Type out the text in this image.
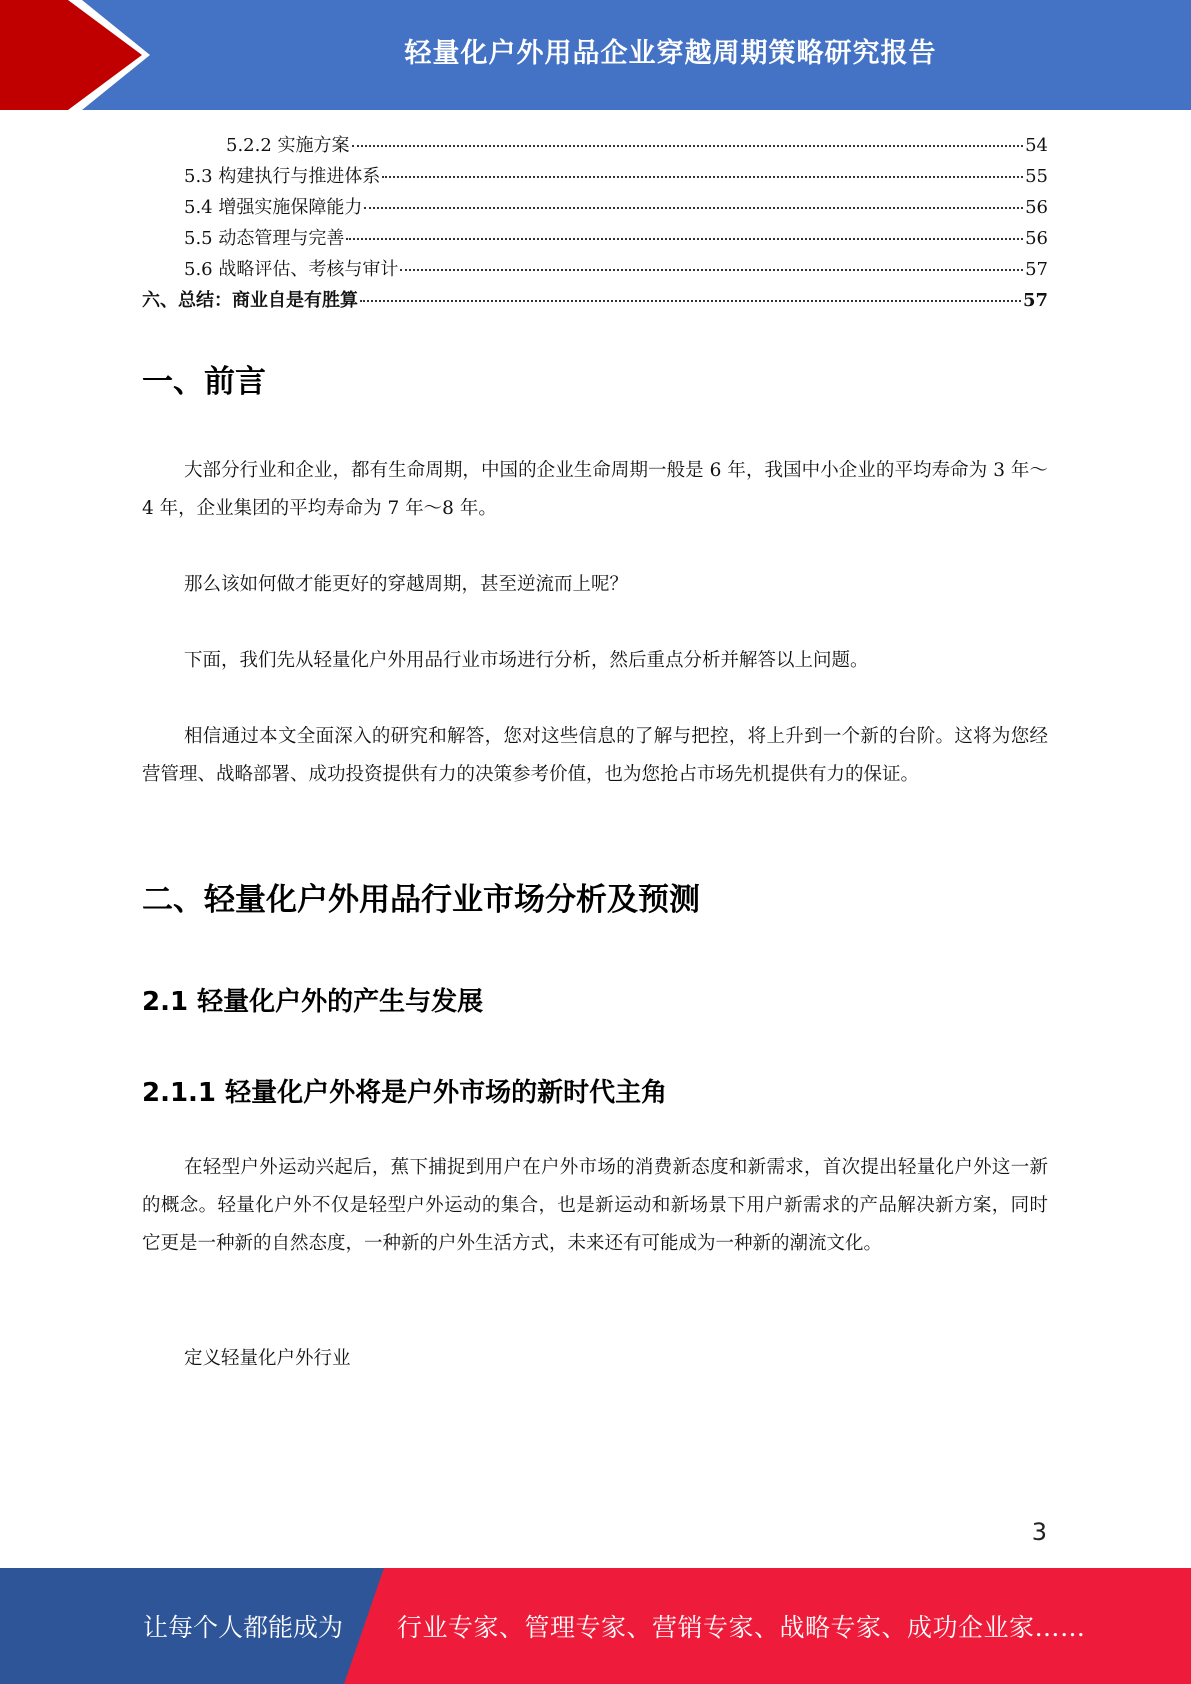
轻量化户外用品企业穿越周期策略研究报告
5.2.2 实施方案	54
5.3 构建执行与推进体系	55
5.4 增强实施保障能力	56
5.5 动态管理与完善	56
5.6 战略评估、考核与审计	57
六、总结：商业自是有胜算	57
一、前言

大部分行业和企业，都有生命周期，中国的企业生命周期一般是 6 年，我国中小企业的平均寿命为 3 年～4 年，企业集团的平均寿命为 7 年～8 年。

那么该如何做才能更好的穿越周期，甚至逆流而上呢？

下面，我们先从轻量化户外用品行业市场进行分析，然后重点分析并解答以上问题。

相信通过本文全面深入的研究和解答，您对这些信息的了解与把控，将上升到一个新的台阶。这将为您经营管理、战略部署、成功投资提供有力的决策参考价值，也为您抢占市场先机提供有力的保证。

二、轻量化户外用品行业市场分析及预测
2.1 轻量化户外的产生与发展
2.1.1 轻量化户外将是户外市场的新时代主角

在轻型户外运动兴起后，蕉下捕捉到用户在户外市场的消费新态度和新需求，首次提出轻量化户外这一新的概念。轻量化户外不仅是轻型户外运动的集合，也是新运动和新场景下用户新需求的产品解决新方案，同时它更是一种新的自然态度，一种新的户外生活方式，未来还有可能成为一种新的潮流文化。

定义轻量化户外行业

3
让每个人都能成为 行业专家、管理专家、营销专家、战略专家、成功企业家……
